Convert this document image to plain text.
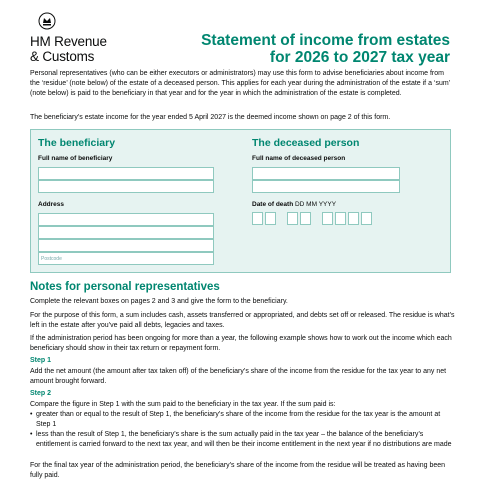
HM Revenue
& Customs
Statement of income from estates
for 2026 to 2027 tax year
Personal representatives (who can be either executors or administrators) may use this form to advise beneficiaries about income from the ‘residue’ (note below) of the estate of a deceased person. This applies for each year during the administration of the estate if a ‘sum’ (note below) is paid to the beneficiary in that year and for the year in which the administration of the estate is completed.
The beneficiary’s estate income for the year ended 5 April 2027 is the deemed income shown on page 2 of this form.
The beneficiary	The deceased person
Full name of beneficiary
Address
Postcode
Full name of deceased person
Date of death DD MM YYYY
Notes for personal representatives
Complete the relevant boxes on pages 2 and 3 and give the form to the beneficiary.
For the purpose of this form, a sum includes cash, assets transferred or appropriated, and debts set off or released. The residue is what’s left in the estate after you’ve paid all debts, legacies and taxes.
If the administration period has been ongoing for more than a year, the following example shows how to work out the income which each beneficiary should show in their tax return or repayment form.
Step 1
Add the net amount (the amount after tax taken off) of the beneficiary’s share of the income from the residue for the tax year to any net amount brought forward.
Step 2
Compare the figure in Step 1 with the sum paid to the beneficiary in the tax year. If the sum paid is:
• greater than or equal to the result of Step 1, the beneficiary’s share of the income from the residue for the tax year is the amount at Step 1
• less than the result of Step 1, the beneficiary’s share is the sum actually paid in the tax year – the balance of the beneficiary’s entitlement is carried forward to the next tax year, and will then be their income entitlement in the next year if no distributions are made
For the final tax year of the administration period, the beneficiary’s share of the income from the residue will be treated as having been fully paid.
